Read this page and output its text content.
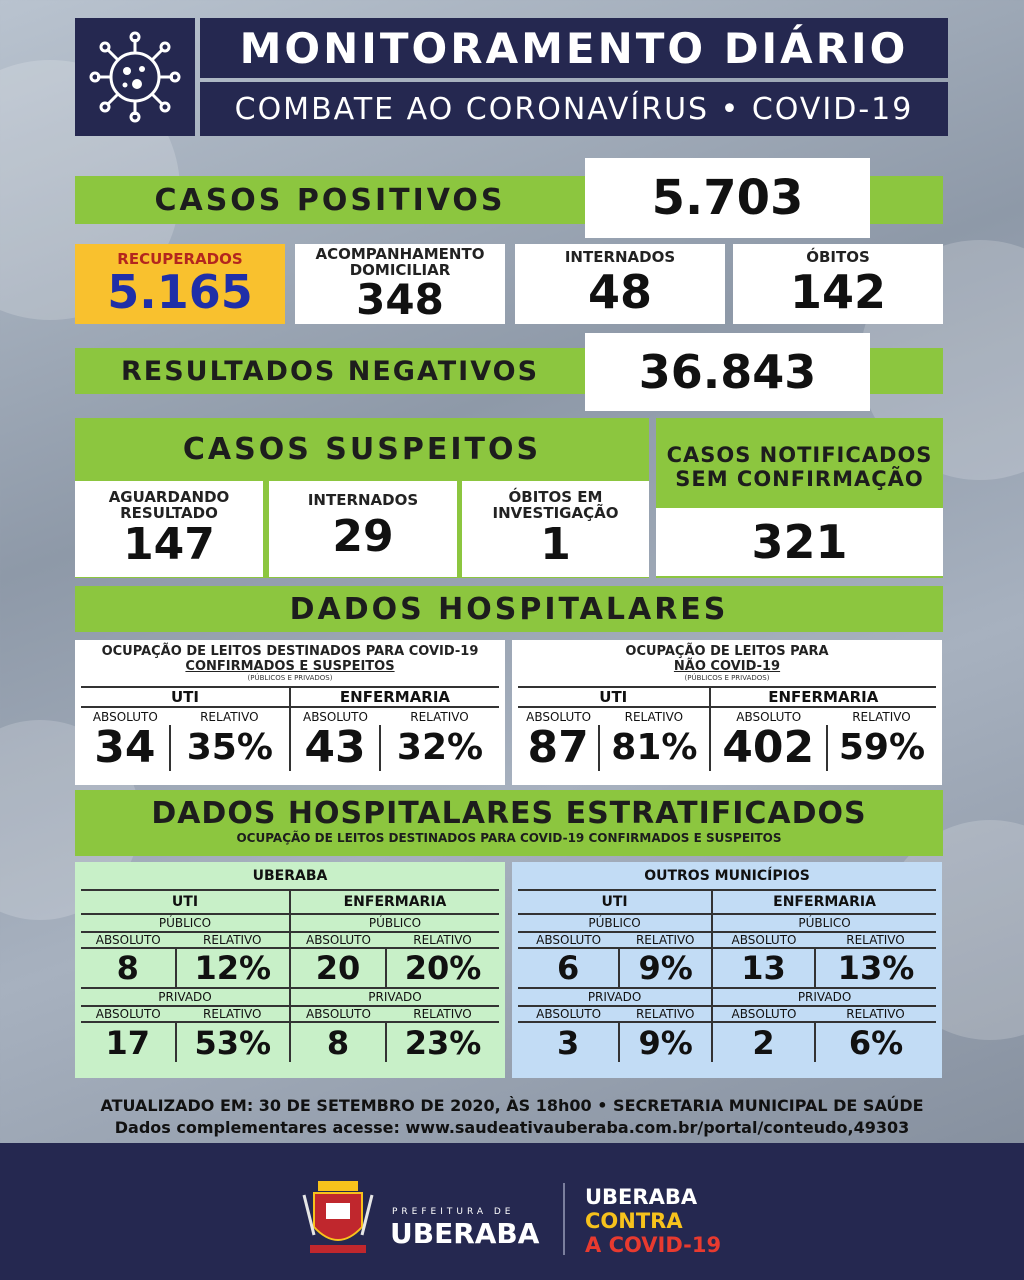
MONITORAMENTO DIÁRIO
COMBATE AO CORONAVÍRUS • COVID-19
CASOS POSITIVOS	5.703
RECUPERADOS
5.165
ACOMPANHAMENTO DOMICILIAR
348
INTERNADOS
48
ÓBITOS
142
RESULTADOS NEGATIVOS	36.843
CASOS SUSPEITOS
AGUARDANDO RESULTADO
147
INTERNADOS
29
ÓBITOS EM INVESTIGAÇÃO
1
CASOS NOTIFICADOS SEM CONFIRMAÇÃO
321
DADOS HOSPITALARES
OCUPAÇÃO DE LEITOS DESTINADOS PARA COVID-19 CONFIRMADOS E SUSPEITOS
(PÚBLICOS E PRIVADOS)
UTI		ENFERMARIA	
ABSOLUTO	RELATIVO	ABSOLUTO	RELATIVO
34	35%	43	32%
OCUPAÇÃO DE LEITOS PARA NÃO COVID-19
(PÚBLICOS E PRIVADOS)
UTI		ENFERMARIA	
ABSOLUTO	RELATIVO	ABSOLUTO	RELATIVO
87	81%	402	59%
DADOS HOSPITALARES ESTRATIFICADOS
OCUPAÇÃO DE LEITOS DESTINADOS PARA COVID-19 CONFIRMADOS E SUSPEITOS
UBERABA			
UTI		ENFERMARIA	
PÚBLICO		PÚBLICO	
ABSOLUTO	RELATIVO	ABSOLUTO	RELATIVO
8	12%	20	20%
PRIVADO		PRIVADO	
ABSOLUTO	RELATIVO	ABSOLUTO	RELATIVO
17	53%	8	23%
OUTROS MUNICÍPIOS			
UTI		ENFERMARIA	
PÚBLICO		PÚBLICO	
ABSOLUTO	RELATIVO	ABSOLUTO	RELATIVO
6	9%	13	13%
PRIVADO		PRIVADO	
ABSOLUTO	RELATIVO	ABSOLUTO	RELATIVO
3	9%	2	6%
ATUALIZADO EM: 30 DE SETEMBRO DE 2020, ÀS 18h00 • SECRETARIA MUNICIPAL DE SAÚDE
Dados complementares acesse: www.saudeativauberaba.com.br/portal/conteudo,49303
PREFEITURA DE
UBERABA
UBERABA
CONTRA
A COVID-19
